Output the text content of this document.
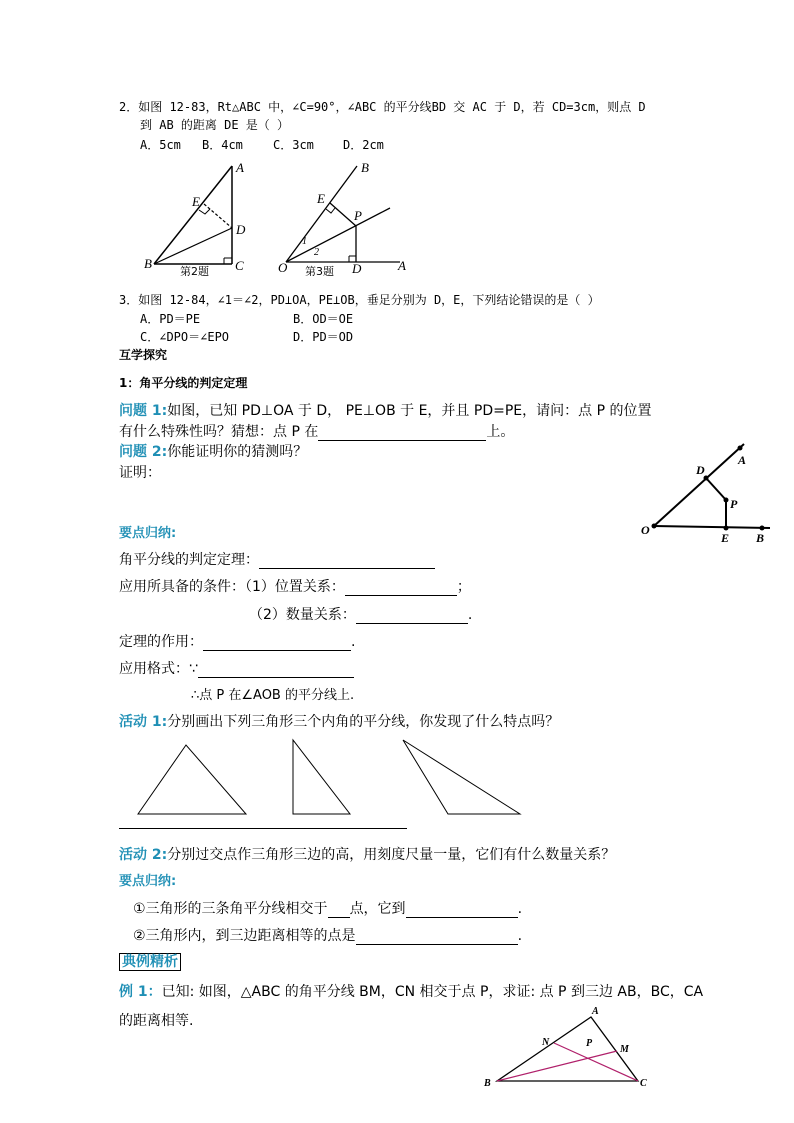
2．如图 12-83，Rt△ABC 中，∠C=90°，∠ABC 的平分线BD 交 AC 于 D，若 CD=3cm，则点 D
到 AB 的距离 DE 是（ ）
A．5cm B．4cm	C．3cm D．2cm
A
E
D
B	C
第2题
B
E
P
1
2
O	D	A
第3题
3．如图 12-84，∠1＝∠2，PD⊥OA，PE⊥OB，垂足分别为 D，E，下列结论错误的是（ ）
A．PD＝PE	B．OD＝OE
C．∠DPO＝∠EPO	D．PD＝OD
互学探究
1：角平分线的判定定理
问题 1:如图，已知 PD⊥OA 于 D， PE⊥OB 于 E，并且 PD=PE，请问：点 P 的位置
有什么特殊性吗？猜想：点 P 在	上。
问题 2:你能证明你的猜测吗？
证明：	D
A
P
O
E B
要点归纳:
角平分线的判定定理：
应用所具备的条件：（1）位置关系：	；
（2）数量关系：	.
定理的作用：	.
应用格式：∵
∴点 P 在∠AOB 的平分线上.
活动 1:分别画出下列三角形三个内角的平分线，你发现了什么特点吗？
活动 2:分别过交点作三角形三边的高，用刻度尺量一量，它们有什么数量关系？
要点归纳:
①三角形的三条角平分线相交于 点，它到	.
②三角形内，到三边距离相等的点是	.
典例精析
例 1：已知: 如图，△ABC 的角平分线 BM，CN 相交于点 P，求证: 点 P 到三边 AB，BC，CA
的距离相等.
A
N	P
M
B	C
